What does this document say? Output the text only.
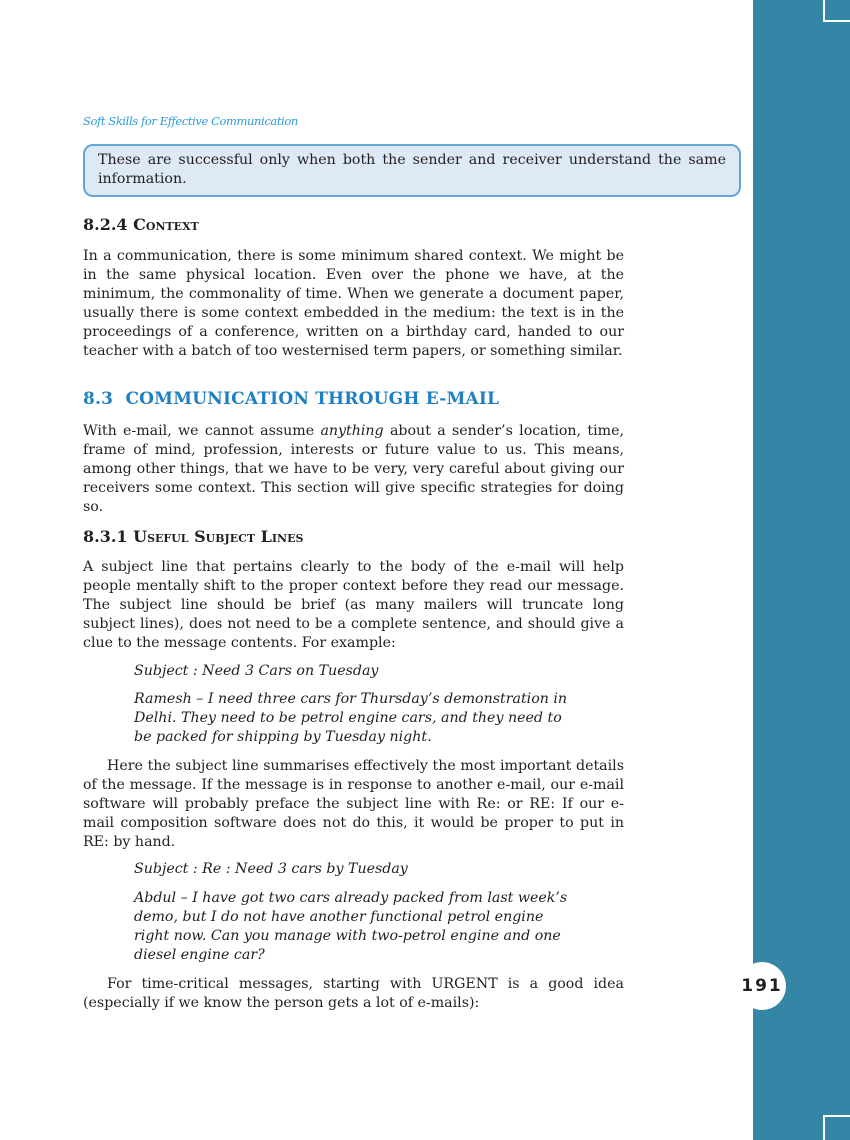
191
Soft Skills for Effective Communication
These are successful only when both the sender and receiver understand the same information.
8.2.4 Context
In a communication, there is some minimum shared context. We might be in the same physical location. Even over the phone we have, at the minimum, the commonality of time. When we generate a document paper, usually there is some context embedded in the medium: the text is in the proceedings of a conference, written on a birthday card, handed to our teacher with a batch of too westernised term papers, or something similar.
8.3 COMMUNICATION THROUGH E-MAIL
With e-mail, we cannot assume anything about a sender’s location, time, frame of mind, profession, interests or future value to us. This means, among other things, that we have to be very, very careful about giving our receivers some context. This section will give specific strategies for doing so.
8.3.1 Useful Subject Lines
A subject line that pertains clearly to the body of the e-mail will help people mentally shift to the proper context before they read our message. The subject line should be brief (as many mailers will truncate long subject lines), does not need to be a complete sentence, and should give a clue to the message contents. For example:
Subject : Need 3 Cars on Tuesday
Ramesh – I need three cars for Thursday’s demonstration in Delhi. They need to be petrol engine cars, and they need to be packed for shipping by Tuesday night.
Here the subject line summarises effectively the most important details of the message. If the message is in response to another e-mail, our e-mail software will probably preface the subject line with Re: or RE: If our e-mail composition software does not do this, it would be proper to put in RE: by hand.
Subject : Re : Need 3 cars by Tuesday
Abdul – I have got two cars already packed from last week’s demo, but I do not have another functional petrol engine right now. Can you manage with two-petrol engine and one diesel engine car?
For time-critical messages, starting with URGENT is a good idea (especially if we know the person gets a lot of e-mails):
